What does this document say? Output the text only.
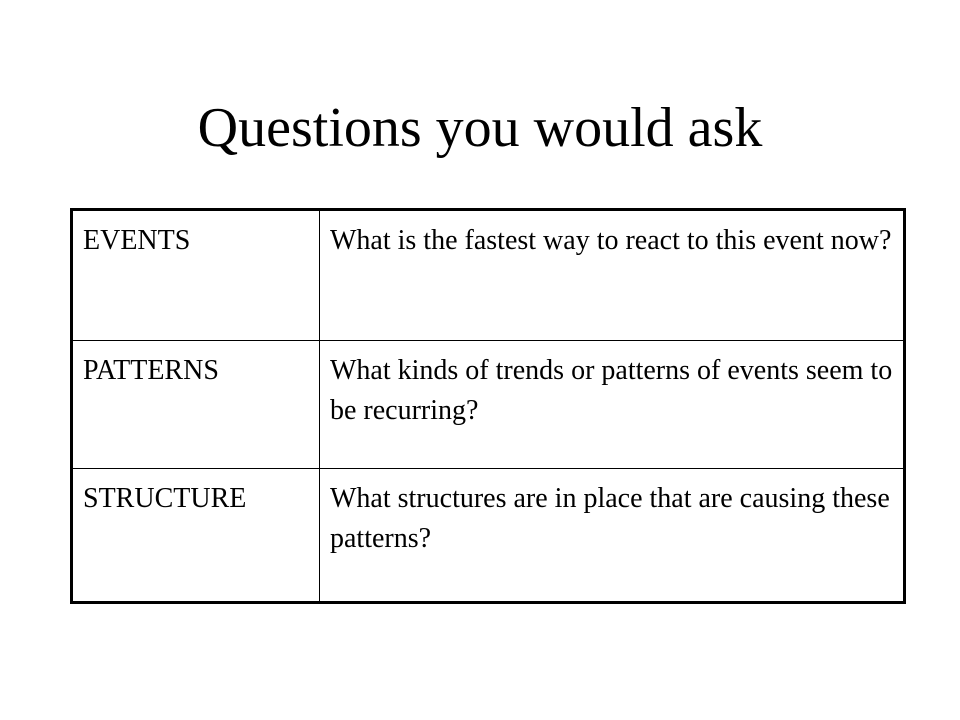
Questions you would ask
EVENTS	What is the fastest way to react to this event now?
PATTERNS	What kinds of trends or patterns of events seem to be recurring?
STRUCTURE	What structures are in place that are causing these patterns?
